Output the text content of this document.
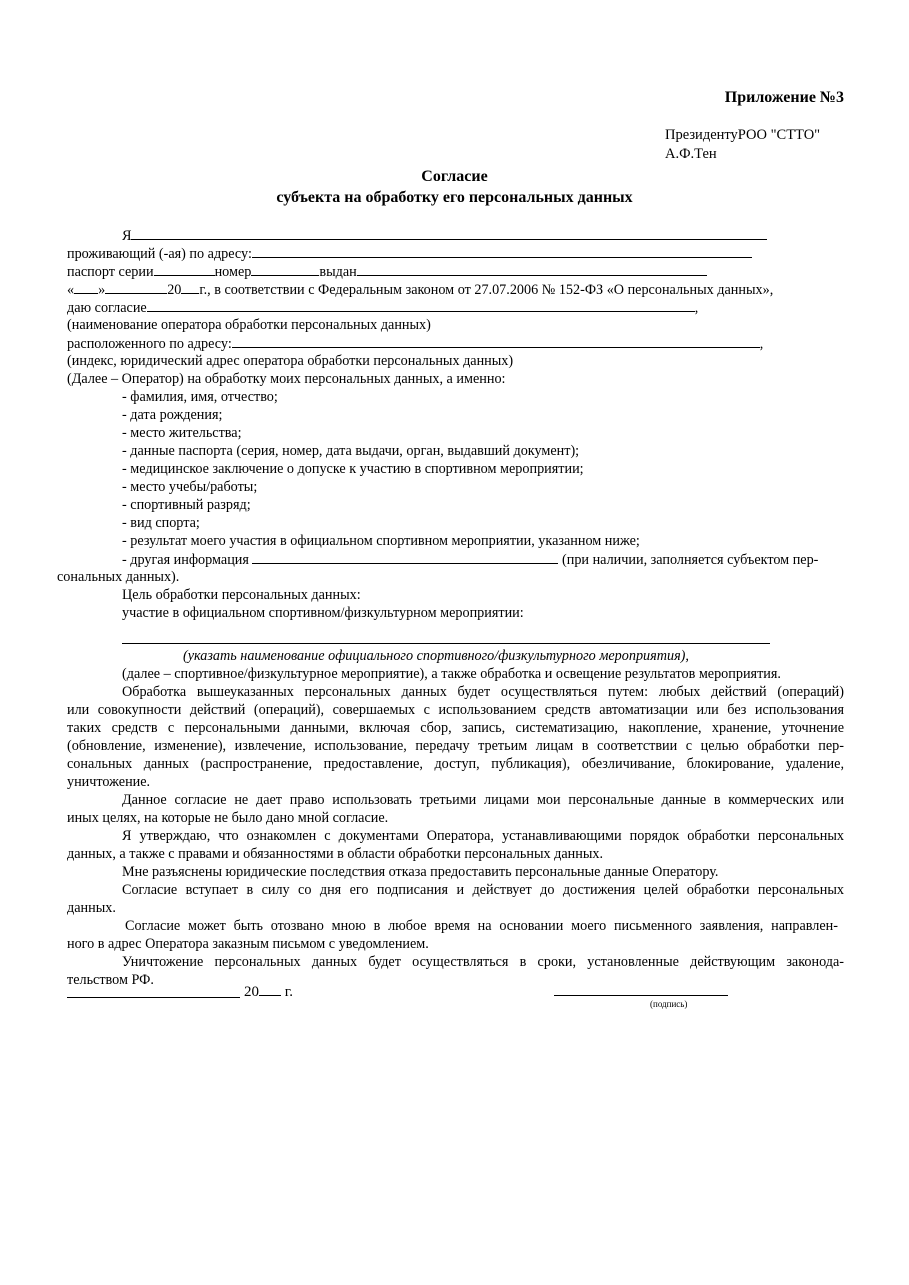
Приложение №3
ПрезидентуРОО "СТТО"
А.Ф.Тен
Согласие
субъекта на обработку его персональных данных
Я
проживающий (-ая) по адресу:
паспорт серии	номер	выдан
« »	20 г., в соответствии с Федеральным законом от 27.07.2006 № 152-ФЗ «О персональных данных»,
даю согласие	,
(наименование оператора обработки персональных данных)
расположенного по адресу:	,
(индекс, юридический адрес оператора обработки персональных данных)
(Далее – Оператор) на обработку моих персональных данных, а именно:
- фамилия, имя, отчество;
- дата рождения;
- место жительства;
- данные паспорта (серия, номер, дата выдачи, орган, выдавший документ);
- медицинское заключение о допуске к участию в спортивном мероприятии;
- место учебы/работы;
- спортивный разряд;
- вид спорта;
- результат моего участия в официальном спортивном мероприятии, указанном ниже;
- другая информация	(при наличии, заполняется субъектом пер-
сональных данных).
Цель обработки персональных данных:
участие в официальном спортивном/физкультурном мероприятии:
(указать наименование официального спортивного/физкультурного мероприятия),
(далее – спортивное/физкультурное мероприятие), а также обработка и освещение результатов мероприятия.
Обработка вышеуказанных персональных данных будет осуществляться путем: любых действий (операций)
или совокупности действий (операций), совершаемых с использованием средств автоматизации или без использования
таких средств с персональными данными, включая сбор, запись, систематизацию, накопление, хранение, уточнение
(обновление, изменение), извлечение, использование, передачу третьим лицам в соответствии с целью обработки пер-
сональных данных (распространение, предоставление, доступ, публикация), обезличивание, блокирование, удаление,
уничтожение.
Данное согласие не дает право использовать третьими лицами мои персональные данные в коммерческих или
иных целях, на которые не было дано мной согласие.
Я утверждаю, что ознакомлен с документами Оператора, устанавливающими порядок обработки персональных
данных, а также с правами и обязанностями в области обработки персональных данных.
Мне разъяснены юридические последствия отказа предоставить персональные данные Оператору.
Согласие вступает в силу со дня его подписания и действует до достижения целей обработки персональных
данных.
Согласие может быть отозвано мною в любое время на основании моего письменного заявления, направлен-
ного в адрес Оператора заказным письмом с уведомлением.
Уничтожение персональных данных будет осуществляться в сроки, установленные действующим законода-
тельством РФ.
20 г.
(подпись)
